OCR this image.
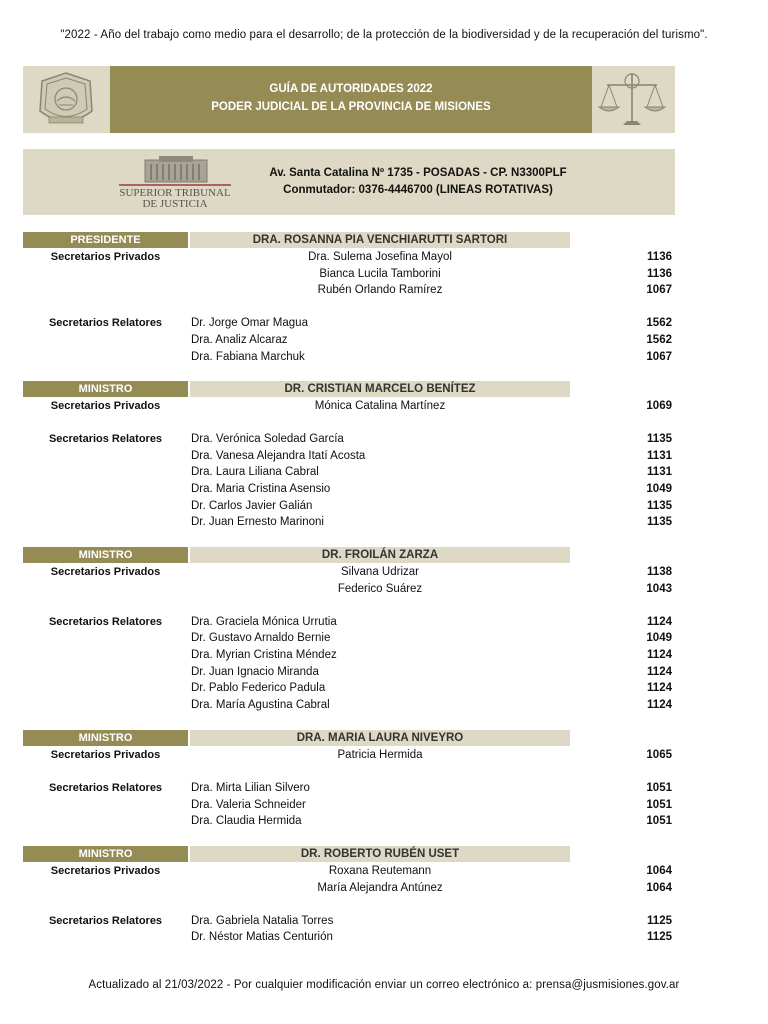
"2022 - Año del trabajo como medio para el desarrollo; de la protección de la biodiversidad y de la recuperación del turismo".
GUÍA DE AUTORIDADES 2022
PODER JUDICIAL DE LA PROVINCIA DE MISIONES
SUPERIOR TRIBUNAL
DE JUSTICIA
Av. Santa Catalina Nº 1735 - POSADAS - CP. N3300PLF
Conmutador: 0376-4446700 (LINEAS ROTATIVAS)
PRESIDENTE	DRA. ROSANNA PIA VENCHIARUTTI SARTORI
Secretarios Privados	Dra. Sulema Josefina Mayol	1136
Bianca Lucila Tamborini	1136
Rubén Orlando Ramírez	1067
Secretarios Relatores	Dr. Jorge Omar Magua	1562
Dra. Analiz Alcaraz	1562
Dra. Fabiana Marchuk	1067
MINISTRO	DR. CRISTIAN MARCELO BENÍTEZ
Secretarios Privados	Mónica Catalina Martínez	1069
Secretarios Relatores	Dra. Verónica Soledad García	1135
Dra. Vanesa Alejandra Itatí Acosta	1131
Dra. Laura Liliana Cabral	1131
Dra. Maria Cristina Asensio	1049
Dr. Carlos Javier Galián	1135
Dr. Juan Ernesto Marinoni	1135
MINISTRO	DR. FROILÁN ZARZA
Secretarios Privados	Silvana Udrizar	1138
Federico Suárez	1043
Secretarios Relatores	Dra. Graciela Mónica Urrutia	1124
Dr. Gustavo Arnaldo Bernie	1049
Dra. Myrian Cristina Méndez	1124
Dr. Juan Ignacio Miranda	1124
Dr. Pablo Federico Padula	1124
Dra. María Agustina Cabral	1124
MINISTRO	DRA. MARIA LAURA NIVEYRO
Secretarios Privados	Patricia Hermida	1065
Secretarios Relatores	Dra. Mirta Lilian Silvero	1051
Dra. Valeria Schneider	1051
Dra. Claudia Hermida	1051
MINISTRO	DR. ROBERTO RUBÉN USET
Secretarios Privados	Roxana Reutemann	1064
María Alejandra Antúnez	1064
Secretarios Relatores	Dra. Gabriela Natalia Torres	1125
Dr. Néstor Matias Centurión	1125
Actualizado al 21/03/2022 - Por cualquier modificación enviar un correo electrónico a: prensa@jusmisiones.gov.ar
